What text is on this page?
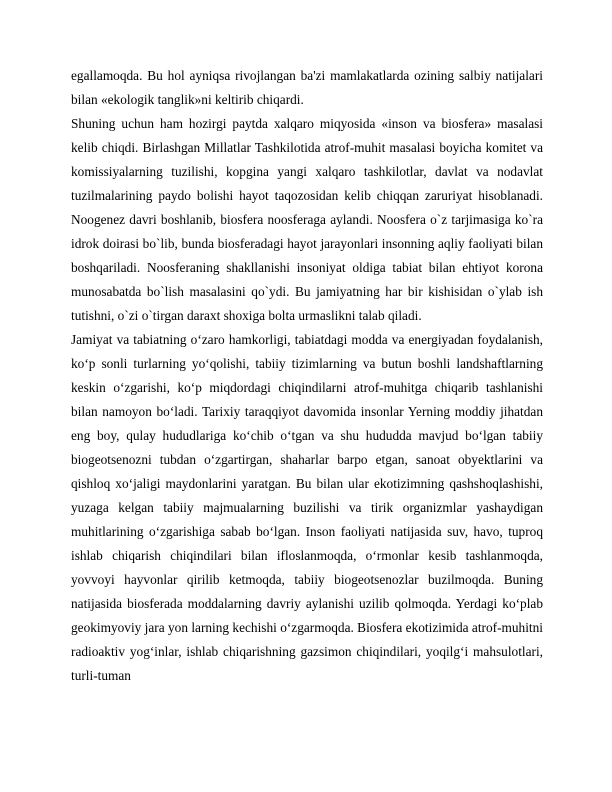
egallamoqda. Bu hol ayniqsa rivojlangan ba'zi mamlakatlarda ozining salbiy natijalari bilan «ekologik tanglik»ni keltirib chiqardi.

Shuning uchun ham hozirgi paytda xalqaro miqyosida «inson va biosfera» masalasi kelib chiqdi. Birlashgan Millatlar Tashkilotida atrof-muhit masalasi boyicha komitet va komissiyalarning tuzilishi, kopgina yangi xalqaro tashkilotlar, davlat va nodavlat tuzilmalarining paydo bolishi hayot taqozosidan kelib chiqqan zaruriyat hisoblanadi. Noogenez davri boshlanib, biosfera noosferaga aylandi. Noosfera o`z tarjimasiga ko`ra idrok doirasi bo`lib, bunda biosferadagi hayot jarayonlari insonning aqliy faoliyati bilan boshqariladi. Noosferaning shakllanishi insoniyat oldiga tabiat bilan ehtiyot korona munosabatda bo`lish masalasini qo`ydi. Bu jamiyatning har bir kishisidan o`ylab ish tutishni, o`zi o`tirgan daraxt shoxiga bolta urmaslikni talab qiladi.

Jamiyat va tabiatning o‘zaro hamkorligi, tabiatdagi modda va energiyadan foydalanish, ko‘p sonli turlarning yo‘qolishi, tabiiy tizimlarning va butun boshli landshaftlarning keskin o‘zgarishi, ko‘p miqdordagi chiqindilarni atrof-muhitga chiqarib tashlanishi bilan namoyon bo‘ladi. Tarixiy taraqqiyot davomida insonlar Yerning moddiy jihatdan eng boy, qulay hududlariga ko‘chib o‘tgan va shu hududda mavjud bo‘lgan tabiiy biogeotsenozni tubdan o‘zgartirgan, shaharlar barpo etgan, sanoat obyektlarini va qishloq xo‘jaligi maydonlarini yaratgan. Bu bilan ular ekotizimning qashshoqlashishi, yuzaga kelgan tabiiy majmualarning buzilishi va tirik organizmlar yashaydigan muhitlarining o‘zgarishiga sabab bo‘lgan. Inson faoliyati natijasida suv, havo, tuproq ishlab chiqarish chiqindilari bilan ifloslanmoqda, o‘rmonlar kesib tashlanmoqda, yovvoyi hayvonlar qirilib ketmoqda, tabiiy biogeotsenozlar buzilmoqda. Buning natijasida biosferada moddalarning davriy aylanishi uzilib qolmoqda. Yerdagi ko‘plab geokimyoviy jara yon larning kechishi o‘zgarmoqda. Biosfera ekotizimida atrof-muhitni radioaktiv yog‘inlar, ishlab chiqarishning gazsimon chiqindilari, yoqilg‘i mahsulotlari, turli-tuman
